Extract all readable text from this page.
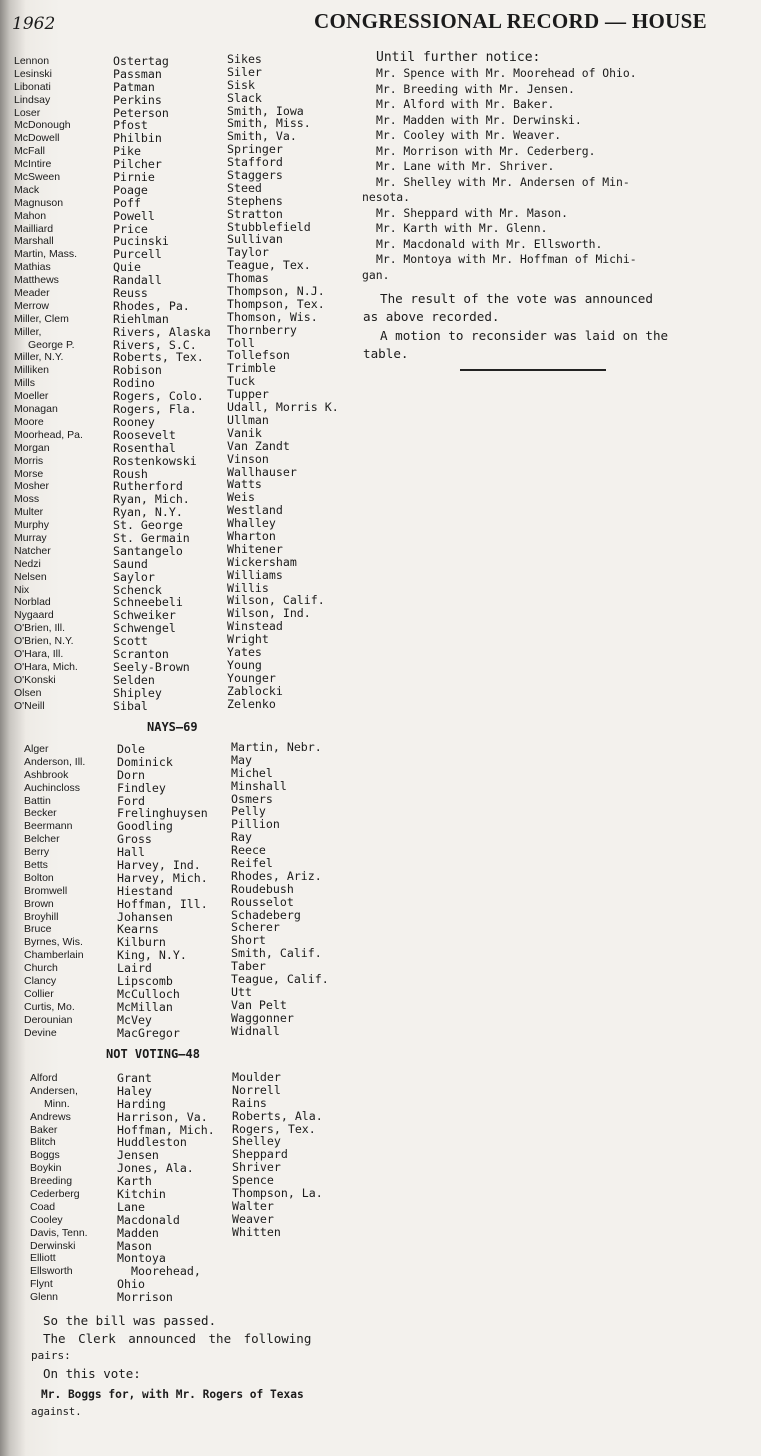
1962	CONGRESSIONAL RECORD — HOUSE
Lennon
Lesinski
Libonati
Lindsay
Loser
McDonough
McDowell
McFall
McIntire
McSween
Mack
Magnuson
Mahon
Mailliard
Marshall
Martin, Mass.
Mathias
Matthews
Meader
Merrow
Miller, Clem
Miller,
George P.
Miller, N.Y.
Milliken
Mills
Moeller
Monagan
Moore
Moorhead, Pa.
Morgan
Morris
Morse
Mosher
Moss
Multer
Murphy
Murray
Natcher
Nedzi
Nelsen
Nix
Norblad
Nygaard
O'Brien, Ill.
O'Brien, N.Y.
O'Hara, Ill.
O'Hara, Mich.
O'Konski
Olsen
O'Neill
Ostertag
Passman
Patman
Perkins
Peterson
Pfost
Philbin
Pike
Pilcher
Pirnie
Poage
Poff
Powell
Price
Pucinski
Purcell
Quie
Randall
Reuss
Rhodes, Pa.
Riehlman
Rivers, Alaska
Rivers, S.C.
Roberts, Tex.
Robison
Rodino
Rogers, Colo.
Rogers, Fla.
Rooney
Roosevelt
Rosenthal
Rostenkowski
Roush
Rutherford
Ryan, Mich.
Ryan, N.Y.
St. George
St. Germain
Santangelo
Saund
Saylor
Schenck
Schneebeli
Schweiker
Schwengel
Scott
Scranton
Seely-Brown
Selden
Shipley
Sibal
Sikes
Siler
Sisk
Slack
Smith, Iowa
Smith, Miss.
Smith, Va.
Springer
Stafford
Staggers
Steed
Stephens
Stratton
Stubblefield
Sullivan
Taylor
Teague, Tex.
Thomas
Thompson, N.J.
Thompson, Tex.
Thomson, Wis.
Thornberry
Toll
Tollefson
Trimble
Tuck
Tupper
Udall, Morris K.
Ullman
Vanik
Van Zandt
Vinson
Wallhauser
Watts
Weis
Westland
Whalley
Wharton
Whitener
Wickersham
Williams
Willis
Wilson, Calif.
Wilson, Ind.
Winstead
Wright
Yates
Young
Younger
Zablocki
Zelenko
NAYS—69
Alger
Anderson, Ill.
Ashbrook
Auchincloss
Battin
Becker
Beermann
Belcher
Berry
Betts
Bolton
Bromwell
Brown
Broyhill
Bruce
Byrnes, Wis.
Chamberlain
Church
Clancy
Collier
Curtis, Mo.
Derounian
Devine
Dole
Dominick
Dorn
Findley
Ford
Frelinghuysen
Goodling
Gross
Hall
Harvey, Ind.
Harvey, Mich.
Hiestand
Hoffman, Ill.
Johansen
Kearns
Kilburn
King, N.Y.
Laird
Lipscomb
McCulloch
McMillan
McVey
MacGregor
Martin, Nebr.
May
Michel
Minshall
Osmers
Pelly
Pillion
Ray
Reece
Reifel
Rhodes, Ariz.
Roudebush
Rousselot
Schadeberg
Scherer
Short
Smith, Calif.
Taber
Teague, Calif.
Utt
Van Pelt
Waggonner
Widnall
NOT VOTING—48
Alford
Andersen,
Minn.
Andrews
Baker
Blitch
Boggs
Boykin
Breeding
Cederberg
Coad
Cooley
Davis, Tenn.
Derwinski
Elliott
Ellsworth
Flynt
Glenn
Grant
Haley
Harding
Harrison, Va.
Hoffman, Mich.
Huddleston
Jensen
Jones, Ala.
Karth
Kitchin
Lane
Macdonald
Madden
Mason
Montoya
Moorehead,
Ohio
Morrison
Moulder
Norrell
Rains
Roberts, Ala.
Rogers, Tex.
Shelley
Sheppard
Shriver
Spence
Thompson, La.
Walter
Weaver
Whitten

So the bill was passed.

The Clerk announced the following

pairs:

On this vote:

Mr. Boggs for, with Mr. Rogers of Texas

against.

Until further notice:
Mr. Spence with Mr. Moorehead of Ohio.
Mr. Breeding with Mr. Jensen.
Mr. Alford with Mr. Baker.
Mr. Madden with Mr. Derwinski.
Mr. Cooley with Mr. Weaver.
Mr. Morrison with Mr. Cederberg.
Mr. Lane with Mr. Shriver.
Mr. Shelley with Mr. Andersen of Min-
nesota.
Mr. Sheppard with Mr. Mason.
Mr. Karth with Mr. Glenn.
Mr. Macdonald with Mr. Ellsworth.
Mr. Montoya with Mr. Hoffman of Michi-
gan.

The result of the vote was announced

as above recorded.

A motion to reconsider was laid on the

table.
